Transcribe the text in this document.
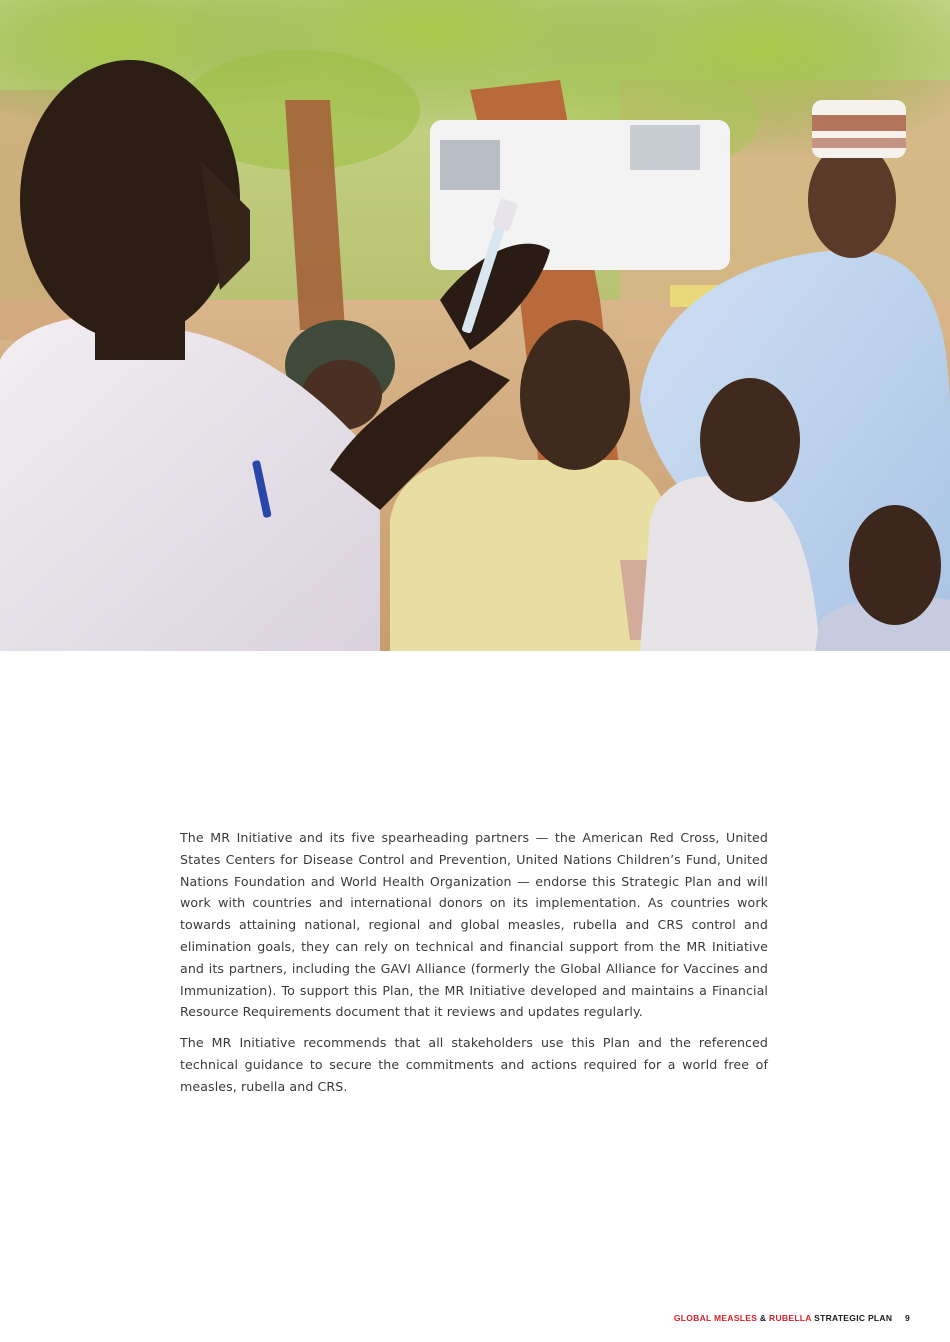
The MR Initiative and its five spearheading partners — the American Red Cross, United States Centers for Disease Control and Prevention, United Nations Children’s Fund, United Nations Foundation and World Health Organization — endorse this Strategic Plan and will work with countries and international donors on its implementation. As countries work towards attaining national, regional and global measles, rubella and CRS control and elimination goals, they can rely on technical and financial support from the MR Initiative and its partners, including the GAVI Alliance (formerly the Global Alliance for Vaccines and Immunization). To support this Plan, the MR Initiative developed and maintains a Financial Resource Requirements document that it reviews and updates regularly.

The MR Initiative recommends that all stakeholders use this Plan and the referenced technical guidance to secure the commitments and actions required for a world free of measles, rubella and CRS.

GLOBAL MEASLES & RUBELLA STRATEGIC PLAN 9
